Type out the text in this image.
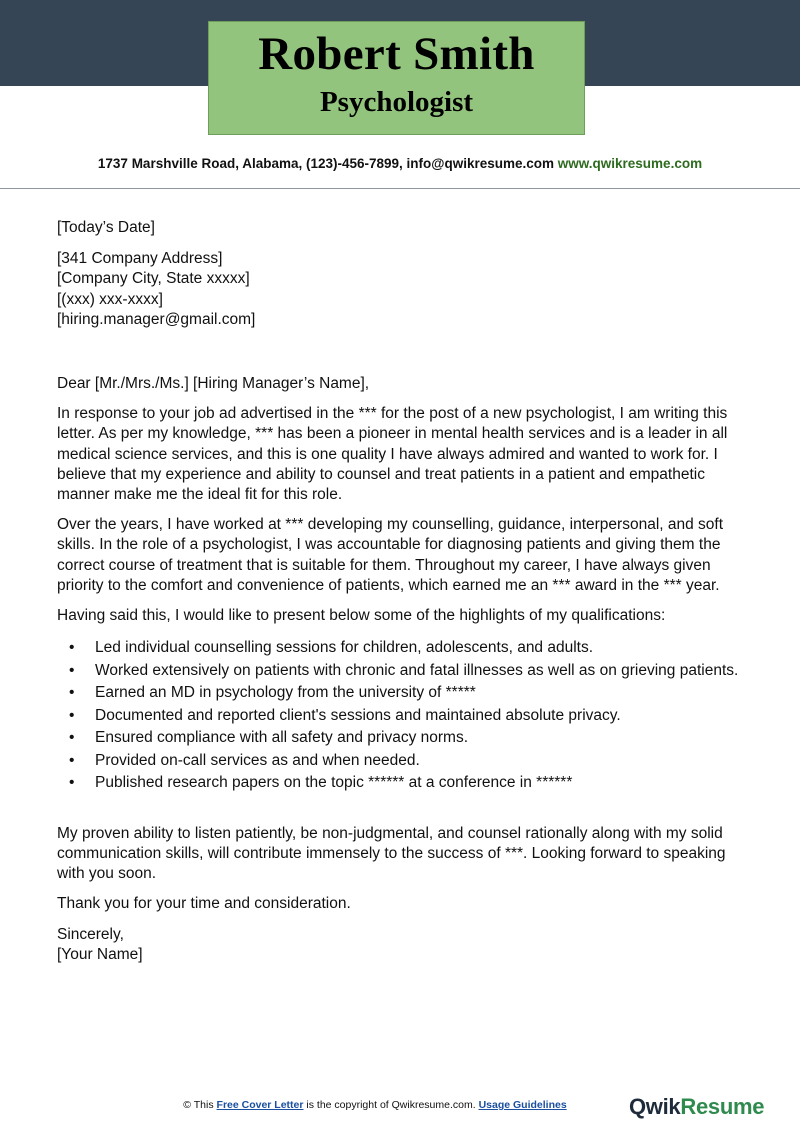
Robert Smith
Psychologist
1737 Marshville Road, Alabama, (123)-456-7899, info@qwikresume.com www.qwikresume.com

[Today’s Date]

[341 Company Address]

[Company City, State xxxxx]

[(xxx) xxx-xxxx]

[hiring.manager@gmail.com]

Dear [Mr./Mrs./Ms.] [Hiring Manager’s Name],

In response to your job ad advertised in the *** for the post of a new psychologist, I am writing this letter. As per my knowledge, *** has been a pioneer in mental health services and is a leader in all medical science services, and this is one quality I have always admired and wanted to work for. I believe that my experience and ability to counsel and treat patients in a patient and empathetic manner make me the ideal fit for this role.

Over the years, I have worked at *** developing my counselling, guidance, interpersonal, and soft skills. In the role of a psychologist, I was accountable for diagnosing patients and giving them the correct course of treatment that is suitable for them. Throughout my career, I have always given priority to the comfort and convenience of patients, which earned me an *** award in the *** year.

Having said this, I would like to present below some of the highlights of my qualifications:

• Led individual counselling sessions for children, adolescents, and adults.
• Worked extensively on patients with chronic and fatal illnesses as well as on grieving patients.
• Earned an MD in psychology from the university of *****
• Documented and reported client's sessions and maintained absolute privacy.
• Ensured compliance with all safety and privacy norms.
• Provided on-call services as and when needed.
• Published research papers on the topic ****** at a conference in ******

My proven ability to listen patiently, be non-judgmental, and counsel rationally along with my solid communication skills, will contribute immensely to the success of ***. Looking forward to speaking with you soon.

Thank you for your time and consideration.

Sincerely,

[Your Name]

© This Free Cover Letter is the copyright of Qwikresume.com. Usage Guidelines	QwikResume
